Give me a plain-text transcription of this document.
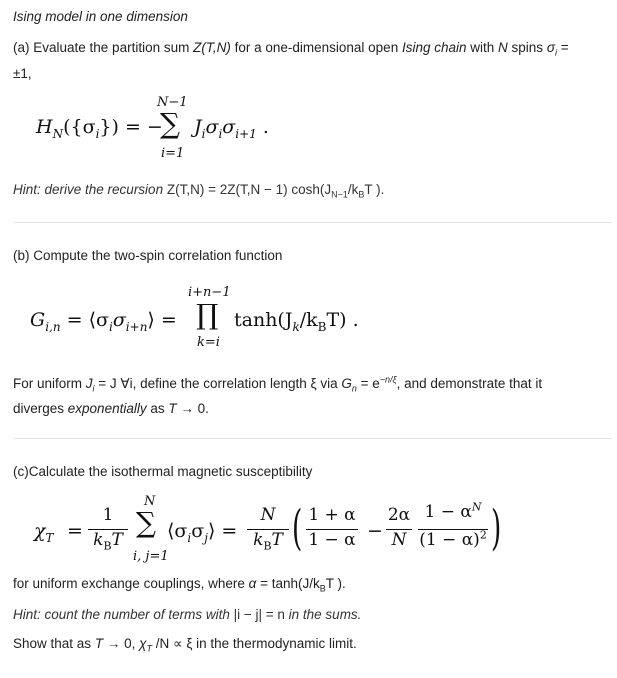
Ising model in one dimension
(a) Evaluate the partition sum Z(T,N) for a one-dimensional open Ising chain with N spins $\sigma_i$ =
±1,
$H_N(\{\sigma_i\})$ = −
N−1
∑
i=1
$J_i\sigma_i\sigma_{i+1}$ .
Hint: derive the recursion Z(T,N) = 2Z(T,N − 1) $\cosh(J_{N-1}/k_BT$ ).
(b) Compute the two-spin correlation function
$G_{i,n}$ = $⟨\sigma_i\sigma_{i+n}⟩$ =
i+n−1
∏
k=i
$\tanh(J_k/k_BT)$ .
For uniform $J_i = J$ ∀i, define the correlation length ξ via $G_n = e^{-n/\xi}$, and demonstrate that it
diverges exponentially as T → 0.
(c)Calculate the isothermal magnetic susceptibility
$\chi_T$ =
1
$k_BT$
N
∑
i, j=1
$⟨\sigma_i\sigma_j⟩$ =
N
$k_BT$ ( 1 + α
1 − α −
2α
N
$1 - \alpha^N$
$(1 - \alpha)^2$ )
for uniform exchange couplings, where $\alpha = \tanh(J/k_BT$ ).
Hint: count the number of terms with |i − j| = n in the sums.
Show that as T → 0, $\chi_T$ /N ∝ ξ in the thermodynamic limit.
